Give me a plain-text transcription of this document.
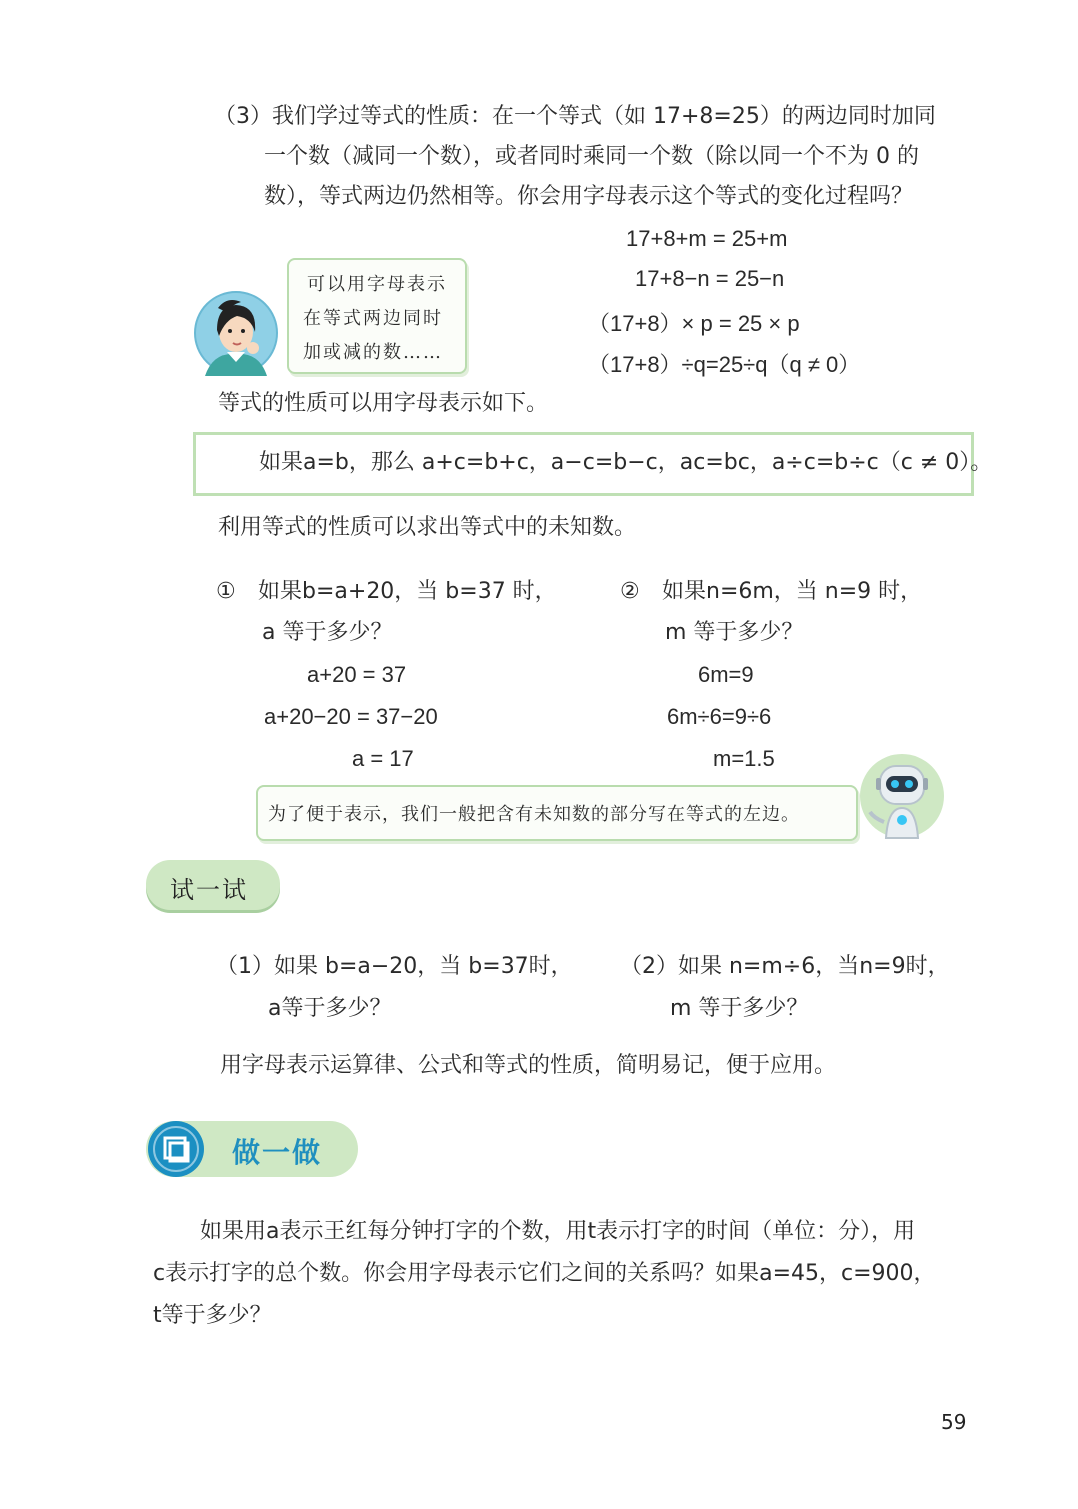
（3）我们学过等式的性质：在一个等式（如 17+8=25）的两边同时加同
一个数（减同一个数），或者同时乘同一个数（除以同一个不为 0 的
数），等式两边仍然相等。你会用字母表示这个等式的变化过程吗？
17+8+m = 25+m
17+8−n = 25−n
（17+8）× p = 25 × p
（17+8）÷q=25÷q（q ≠ 0）
可以用字母表示
在等式两边同时
加或减的数……
等式的性质可以用字母表示如下。
如果a=b，那么 a+c=b+c，a−c=b−c，ac=bc，a÷c=b÷c（c ≠ 0）。
利用等式的性质可以求出等式中的未知数。
① 如果b=a+20，当 b=37 时，
a 等于多少？
a+20 = 37
a+20−20 = 37−20
a = 17
② 如果n=6m，当 n=9 时，
m 等于多少？
6m=9
6m÷6=9÷6
m=1.5
为了便于表示，我们一般把含有未知数的部分写在等式的左边。
试一试
（1）如果 b=a−20，当 b=37时，
a等于多少？
（2）如果 n=m÷6，当n=9时，
m 等于多少？
用字母表示运算律、公式和等式的性质，简明易记，便于应用。
做一做
如果用a表示王红每分钟打字的个数，用t表示打字的时间（单位：分），用
c表示打字的总个数。你会用字母表示它们之间的关系吗？如果a=45，c=900，
t等于多少？
59
